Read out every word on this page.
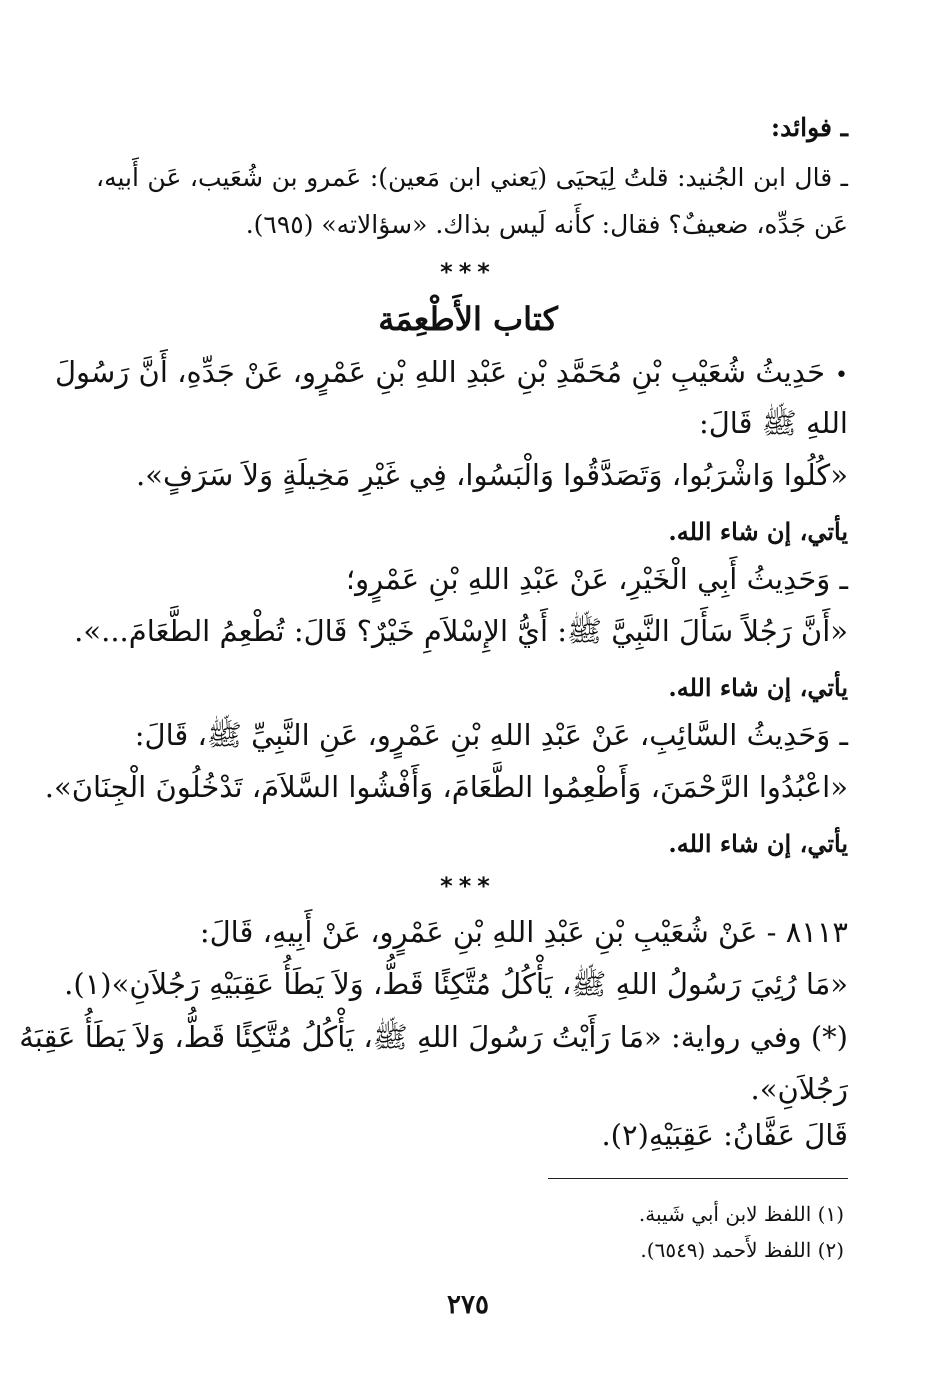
ـ فوائد:
ـ قال ابن الجُنيد: قلتُ لِيَحيَى (يَعني ابن مَعين): عَمرو بن شُعَيب، عَن أَبيه،
عَن جَدِّه، ضعيفٌ؟ فقال: كأَنه لَيس بذاك. «سؤالاته» (٦٩٥).
***
كتاب الأَطْعِمَة
•حَدِيثُ شُعَيْبِ بْنِ مُحَمَّدِ بْنِ عَبْدِ اللهِ بْنِ عَمْرٍو، عَنْ جَدِّهِ، أَنَّ رَسُولَ
اللهِ ﷺ قَالَ:
«كُلُوا وَاشْرَبُوا، وَتَصَدَّقُوا وَالْبَسُوا، فِي غَيْرِ مَخِيلَةٍ وَلاَ سَرَفٍ».
يأتي، إن شاء الله.
ـ وَحَدِيثُ أَبِي الْخَيْرِ، عَنْ عَبْدِ اللهِ بْنِ عَمْرٍو؛
«أَنَّ رَجُلاً سَأَلَ النَّبِيَّ ﷺ: أَيُّ الإِسْلاَمِ خَيْرٌ؟ قَالَ: تُطْعِمُ الطَّعَامَ...».
يأتي، إن شاء الله.
ـ وَحَدِيثُ السَّائِبِ، عَنْ عَبْدِ اللهِ بْنِ عَمْرٍو، عَنِ النَّبِيِّ ﷺ، قَالَ:
«اعْبُدُوا الرَّحْمَنَ، وَأَطْعِمُوا الطَّعَامَ، وَأَفْشُوا السَّلاَمَ، تَدْخُلُونَ الْجِنَانَ».
يأتي، إن شاء الله.
***
٨١١٣ - عَنْ شُعَيْبِ بْنِ عَبْدِ اللهِ بْنِ عَمْرٍو، عَنْ أَبِيهِ، قَالَ:
«مَا رُئِيَ رَسُولُ اللهِ ﷺ، يَأْكُلُ مُتَّكِئًا قَطُّ، وَلاَ يَطَأُ عَقِبَيْهِ رَجُلاَنِ»(١).
(*) وفي رواية: «مَا رَأَيْتُ رَسُولَ اللهِ ﷺ، يَأْكُلُ مُتَّكِئًا قَطُّ، وَلاَ يَطَأُ عَقِبَهُ
رَجُلاَنِ».
قَالَ عَفَّانُ: عَقِبَيْهِ(٢).
(١) اللفظ لابن أبي شَيبة.
(٢) اللفظ لأَحمد (٦٥٤٩).
٢٧٥
